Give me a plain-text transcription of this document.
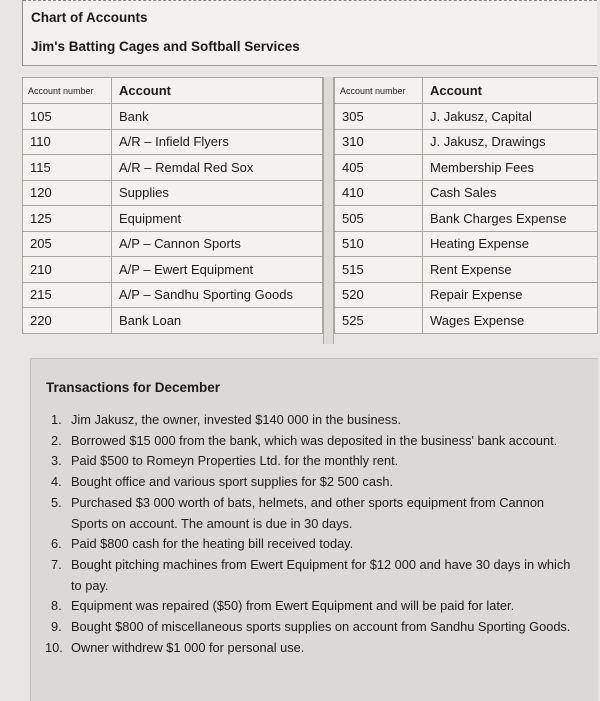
Chart of Accounts
Jim's Batting Cages and Softball Services
Account number	Account
105	Bank
110	A/R – Infield Flyers
115	A/R – Remdal Red Sox
120	Supplies
125	Equipment
205	A/P – Cannon Sports
210	A/P – Ewert Equipment
215	A/P – Sandhu Sporting Goods
220	Bank Loan
Account number	Account
305	J. Jakusz, Capital
310	J. Jakusz, Drawings
405	Membership Fees
410	Cash Sales
505	Bank Charges Expense
510	Heating Expense
515	Rent Expense
520	Repair Expense
525	Wages Expense
Transactions for December
1. Jim Jakusz, the owner, invested $140 000 in the business.
2. Borrowed $15 000 from the bank, which was deposited in the business' bank account.
3. Paid $500 to Romeyn Properties Ltd. for the monthly rent.
4. Bought office and various sport supplies for $2 500 cash.
5. Purchased $3 000 worth of bats, helmets, and other sports equipment from Cannon Sports on account. The amount is due in 30 days.
6. Paid $800 cash for the heating bill received today.
7. Bought pitching machines from Ewert Equipment for $12 000 and have 30 days in which to pay.
8. Equipment was repaired ($50) from Ewert Equipment and will be paid for later.
9. Bought $800 of miscellaneous sports supplies on account from Sandhu Sporting Goods.
10. Owner withdrew $1 000 for personal use.
